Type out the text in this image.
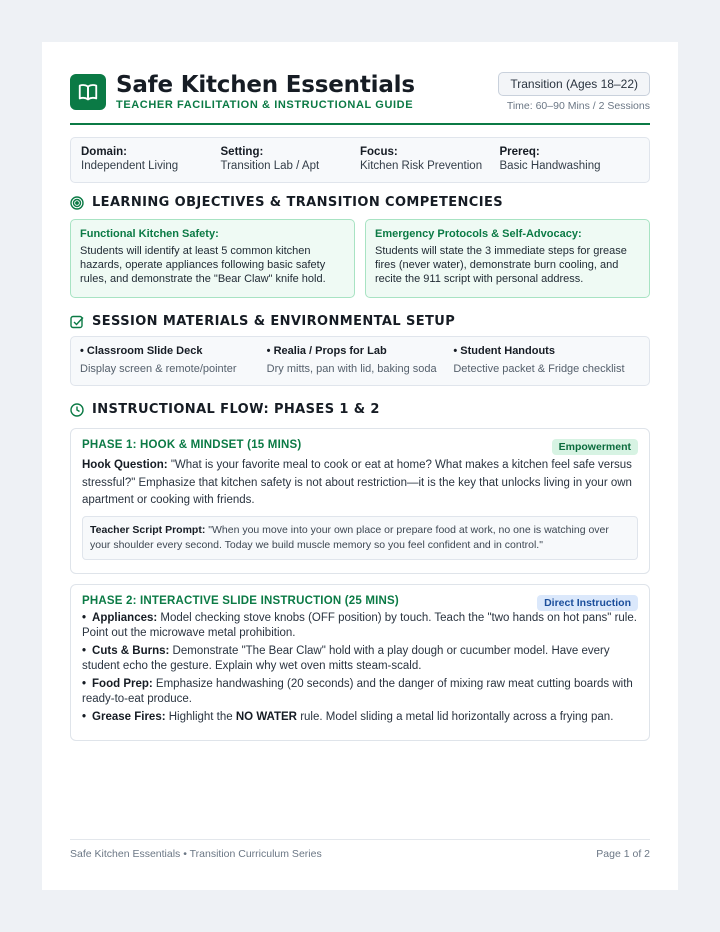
Safe Kitchen Essentials
TEACHER FACILITATION & INSTRUCTIONAL GUIDE
Transition (Ages 18–22)
Time: 60–90 Mins / 2 Sessions
Domain:
Independent Living
Setting:
Transition Lab / Apt
Focus:
Kitchen Risk Prevention
Prereq:
Basic Handwashing
LEARNING OBJECTIVES & TRANSITION COMPETENCIES
Functional Kitchen Safety:
Students will identify at least 5 common kitchen hazards, operate appliances following basic safety rules, and demonstrate the "Bear Claw" knife hold.
Emergency Protocols & Self-Advocacy:
Students will state the 3 immediate steps for grease fires (never water), demonstrate burn cooling, and recite the 911 script with personal address.
SESSION MATERIALS & ENVIRONMENTAL SETUP
• Classroom Slide Deck
Display screen & remote/pointer
• Realia / Props for Lab
Dry mitts, pan with lid, baking soda
• Student Handouts
Detective packet & Fridge checklist
INSTRUCTIONAL FLOW: PHASES 1 & 2
PHASE 1: HOOK & MINDSET (15 MINS)	Empowerment

Hook Question: "What is your favorite meal to cook or eat at home? What makes a kitchen feel safe versus stressful?" Emphasize that kitchen safety is not about restriction—it is the key that unlocks living in your own apartment or cooking with friends.

Teacher Script Prompt: "When you move into your own place or prepare food at work, no one is watching over your shoulder every second. Today we build muscle memory so you feel confident and in control."
PHASE 2: INTERACTIVE SLIDE INSTRUCTION (25 MINS)	Direct Instruction
• Appliances: Model checking stove knobs (OFF position) by touch. Teach the "two hands on hot pans" rule. Point out the microwave metal prohibition.
• Cuts & Burns: Demonstrate "The Bear Claw" hold with a play dough or cucumber model. Have every student echo the gesture. Explain why wet oven mitts steam-scald.
• Food Prep: Emphasize handwashing (20 seconds) and the danger of mixing raw meat cutting boards with ready-to-eat produce.
• Grease Fires: Highlight the NO WATER rule. Model sliding a metal lid horizontally across a frying pan.
Safe Kitchen Essentials • Transition Curriculum Series	Page 1 of 2
